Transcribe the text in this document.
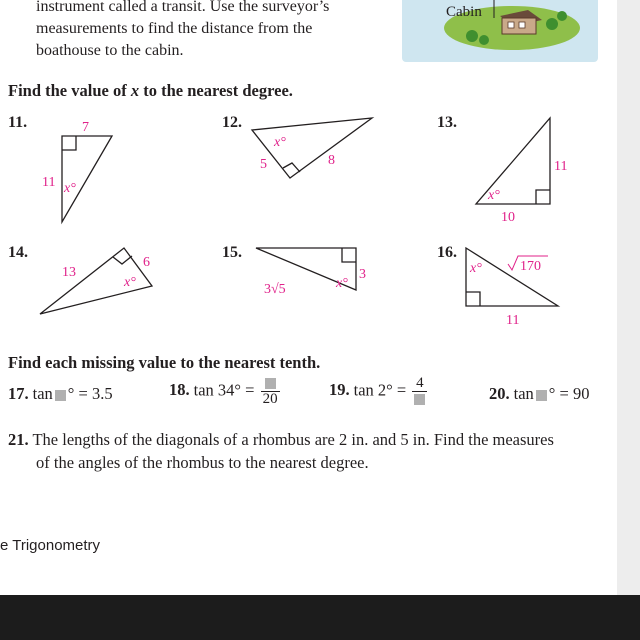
instrument called a transit. Use the surveyor’s
measurements to find the distance from the
boathouse to the cabin.
Cabin
Find the value of x to the nearest degree.
11.	12.	13.
14.	15.	16.
7
11 x°
x°
5	8	11
10
x°
13
6
x°	3√5
3
x°
x°	170
11
Find each missing value to the nearest tenth.
17. tan ° = 3.5	18. tan 34° = 20	19. tan 2° = 4
20. tan ° = 90
21. The lengths of the diagonals of a rhombus are 2 in. and 5 in. Find the measures
of the angles of the rhombus to the nearest degree.
e Trigonometry
